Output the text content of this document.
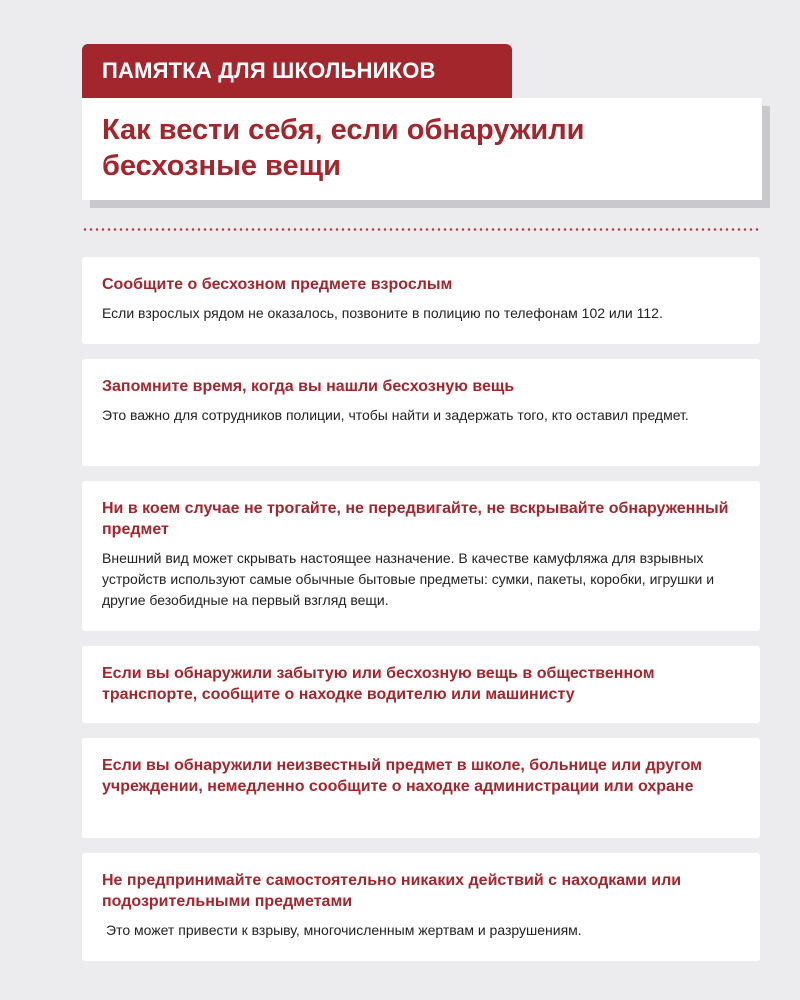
ПАМЯТКА ДЛЯ ШКОЛЬНИКОВ
Как вести себя, если обнаружили бесхозные вещи
Сообщите о бесхозном предмете взрослым

Если взрослых рядом не оказалось, позвоните в полицию по телефонам 102 или 112.

Запомните время, когда вы нашли бесхозную вещь

Это важно для сотрудников полиции, чтобы найти и задержать того, кто оставил предмет.

Ни в коем случае не трогайте, не передвигайте, не вскрывайте обнаруженный предмет

Внешний вид может скрывать настоящее назначение. В качестве камуфляжа для взрывных устройств используют самые обычные бытовые предметы: сумки, пакеты, коробки, игрушки и другие безобидные на первый взгляд вещи.

Если вы обнаружили забытую или бесхозную вещь в общественном транспорте, сообщите о находке водителю или машинисту
Если вы обнаружили неизвестный предмет в школе, больнице или другом учреждении, немедленно сообщите о находке администрации или охране
Не предпринимайте самостоятельно никаких действий с находками или подозрительными предметами

Это может привести к взрыву, многочисленным жертвам и разрушениям.
